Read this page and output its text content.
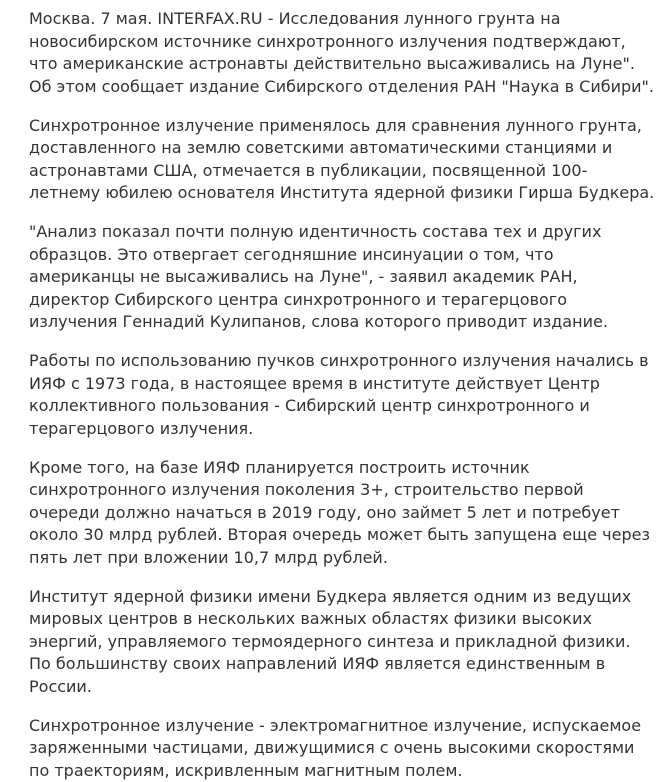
Москва. 7 мая. INTERFAX.RU - Исследования лунного грунта на новосибирском источнике синхротронного излучения подтверждают, что американские астронавты действительно высаживались на Луне". Об этом сообщает издание Сибирского отделения РАН "Наука в Сибири".

Синхротронное излучение применялось для сравнения лунного грунта, доставленного на землю советскими автоматическими станциями и астронавтами США, отмечается в публикации, посвященной 100-летнему юбилею основателя Института ядерной физики Гирша Будкера.

"Анализ показал почти полную идентичность состава тех и других образцов. Это отвергает сегодняшние инсинуации о том, что американцы не высаживались на Луне", - заявил академик РАН, директор Сибирского центра синхротронного и терагерцового излучения Геннадий Кулипанов, слова которого приводит издание.

Работы по использованию пучков синхротронного излучения начались в ИЯФ с 1973 года, в настоящее время в институте действует Центр коллективного пользования - Сибирский центр синхротронного и терагерцового излучения.

Кроме того, на базе ИЯФ планируется построить источник синхротронного излучения поколения 3+, строительство первой очереди должно начаться в 2019 году, оно займет 5 лет и потребует около 30 млрд рублей. Вторая очередь может быть запущена еще через пять лет при вложении 10,7 млрд рублей.

Институт ядерной физики имени Будкера является одним из ведущих мировых центров в нескольких важных областях физики высоких энергий, управляемого термоядерного синтеза и прикладной физики. По большинству своих направлений ИЯФ является единственным в России.

Синхротронное излучение - электромагнитное излучение, испускаемое заряженными частицами, движущимися с очень высокими скоростями по траекториям, искривленным магнитным полем.
